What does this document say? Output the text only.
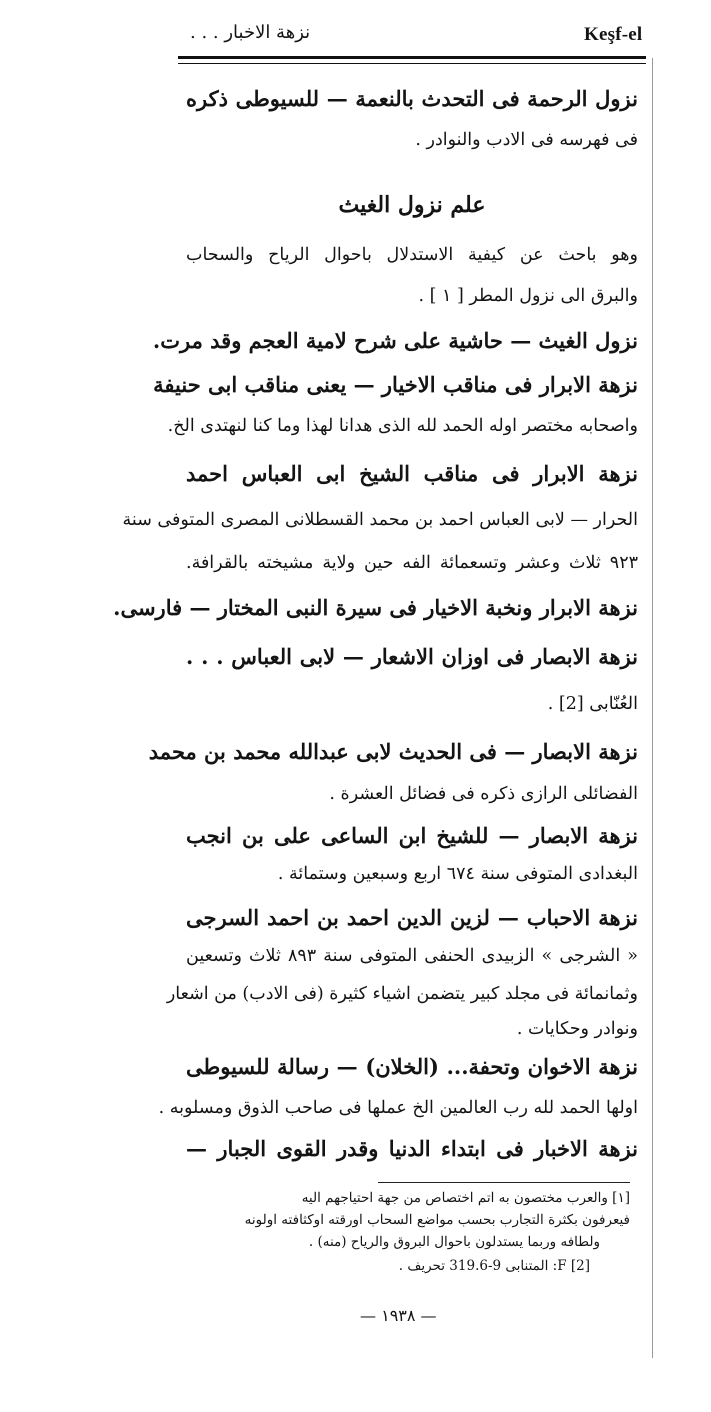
Keşf-el
نزهة الاخبار . . .
نزول الرحمة فى التحدث بالنعمة — للسيوطى ذكره
فى فهرسه فى الادب والنوادر .
علم نزول الغيث
وهو باحث عن كيفية الاستدلال باحوال الرياح والسحاب
والبرق الى نزول المطر [ ١ ] .
نزول الغيث — حاشية على شرح لامية العجم وقد مرت.
نزهة الابرار فى مناقب الاخيار — يعنى مناقب ابى حنيفة
واصحابه مختصر اوله الحمد لله الذى هدانا لهذا وما كنا لنهتدى الخ.
نزهة الابرار فى مناقب الشيخ ابى العباس احمد
الحرار — لابى العباس احمد بن محمد القسطلانى المصرى المتوفى سنة
٩٢٣ ثلاث وعشر وتسعمائة الفه حين ولاية مشيخته بالقرافة.
نزهة الابرار ونخبة الاخيار فى سيرة النبى المختار — فارسى.
نزهة الابصار فى اوزان الاشعار — لابى العباس . . .
العُنّابى [2] .
نزهة الابصار — فى الحديث لابى عبدالله محمد بن محمد
الفضائلى الرازى ذكره فى فضائل العشرة .
نزهة الابصار — للشيخ ابن الساعى على بن انجب
البغدادى المتوفى سنة ٦٧٤ اربع وسبعين وستمائة .
نزهة الاحباب — لزين الدين احمد بن احمد السرجى
« الشرجى » الزبيدى الحنفى المتوفى سنة ٨٩٣ ثلاث وتسعين
وثمانمائة فى مجلد كبير يتضمن اشياء كثيرة (فى الادب) من اشعار
ونوادر وحكايات .
نزهة الاخوان وتحفة... (الخلان) — رسالة للسيوطى
اولها الحمد لله رب العالمين الخ عملها فى صاحب الذوق ومسلوبه .
نزهة الاخبار فى ابتداء الدنيا وقدر القوى الجبار —
[١] والعرب مختصون به اتم اختصاص من جهة احتياجهم اليه
فيعرفون بكثرة التجارب بحسب مواضع السحاب اورقته اوكثافته اولونه
ولطافه وربما يستدلون باحوال البروق والرياح (منه) .
[2] F: المتنابى 9-319.6 تحريف .
— ١٩٣٨ —
